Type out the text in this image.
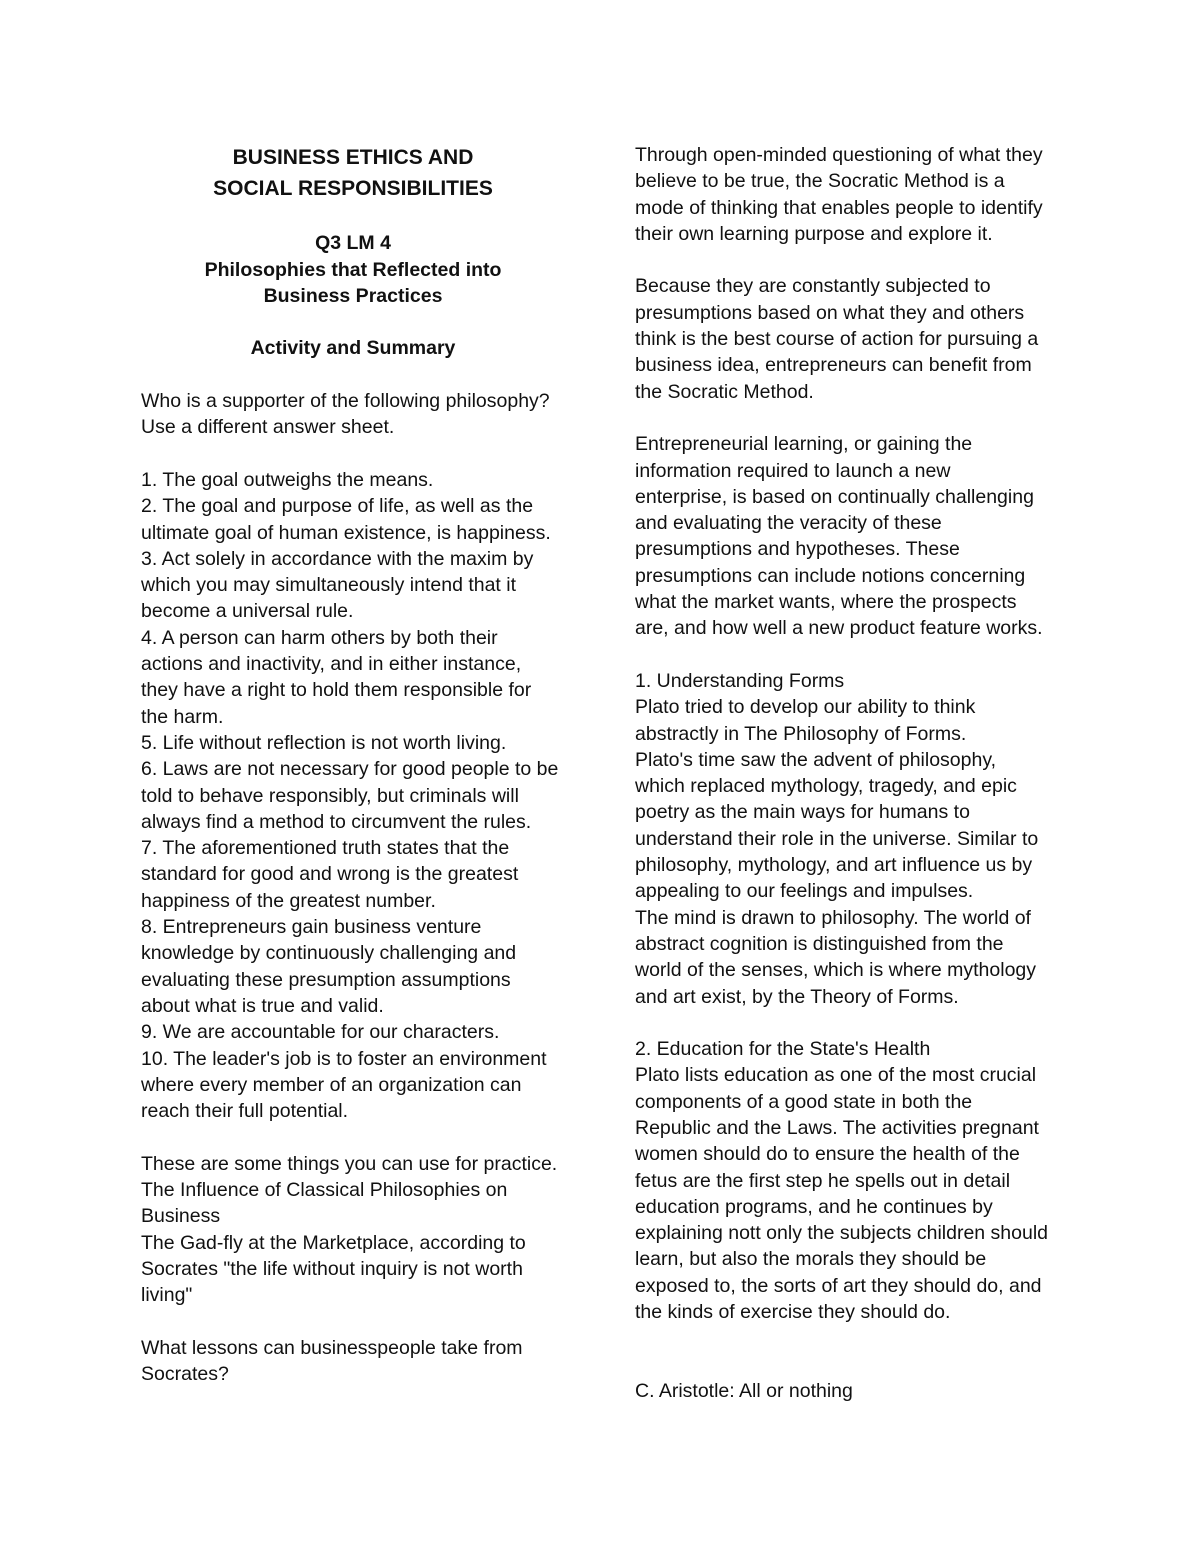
BUSINESS ETHICS AND
SOCIAL RESPONSIBILITIES
Q3 LM 4
Philosophies that Reflected into
Business Practices
Activity and Summary
Who is a supporter of the following philosophy?
Use a different answer sheet.
1. The goal outweighs the means.
2. The goal and purpose of life, as well as the
ultimate goal of human existence, is happiness.
3. Act solely in accordance with the maxim by
which you may simultaneously intend that it
become a universal rule.
4. A person can harm others by both their
actions and inactivity, and in either instance,
they have a right to hold them responsible for
the harm.
5. Life without reflection is not worth living.
6. Laws are not necessary for good people to be
told to behave responsibly, but criminals will
always find a method to circumvent the rules.
7. The aforementioned truth states that the
standard for good and wrong is the greatest
happiness of the greatest number.
8. Entrepreneurs gain business venture
knowledge by continuously challenging and
evaluating these presumption assumptions
about what is true and valid.
9. We are accountable for our characters.
10. The leader's job is to foster an environment
where every member of an organization can
reach their full potential.
These are some things you can use for practice.
The Influence of Classical Philosophies on
Business
The Gad-fly at the Marketplace, according to
Socrates "the life without inquiry is not worth
living"
What lessons can businesspeople take from
Socrates?
Through open-minded questioning of what they
believe to be true, the Socratic Method is a
mode of thinking that enables people to identify
their own learning purpose and explore it.
Because they are constantly subjected to
presumptions based on what they and others
think is the best course of action for pursuing a
business idea, entrepreneurs can benefit from
the Socratic Method.
Entrepreneurial learning, or gaining the
information required to launch a new
enterprise, is based on continually challenging
and evaluating the veracity of these
presumptions and hypotheses. These
presumptions can include notions concerning
what the market wants, where the prospects
are, and how well a new product feature works.
1. Understanding Forms
Plato tried to develop our ability to think
abstractly in The Philosophy of Forms.
Plato's time saw the advent of philosophy,
which replaced mythology, tragedy, and epic
poetry as the main ways for humans to
understand their role in the universe. Similar to
philosophy, mythology, and art influence us by
appealing to our feelings and impulses.
The mind is drawn to philosophy. The world of
abstract cognition is distinguished from the
world of the senses, which is where mythology
and art exist, by the Theory of Forms.
2. Education for the State's Health
Plato lists education as one of the most crucial
components of a good state in both the
Republic and the Laws. The activities pregnant
women should do to ensure the health of the
fetus are the first step he spells out in detail
education programs, and he continues by
explaining nott only the subjects children should
learn, but also the morals they should be
exposed to, the sorts of art they should do, and
the kinds of exercise they should do.
C. Aristotle: All or nothing
